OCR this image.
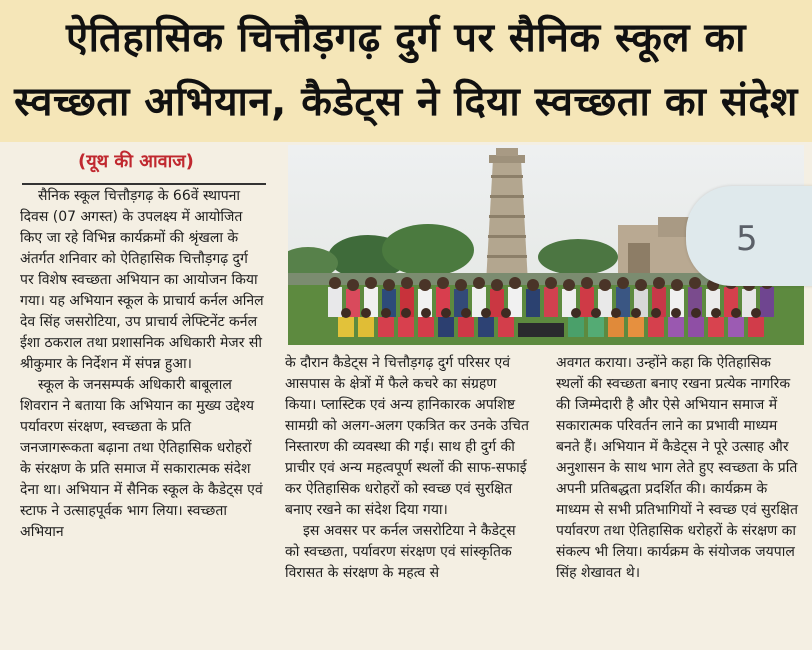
ऐतिहासिक चित्तौड़गढ़ दुर्ग पर सैनिक स्कूल का
स्वच्छता अभियान, कैडेट्स ने दिया स्वच्छता का संदेश
(यूथ की आवाज)

सैनिक स्कूल चित्तौड़गढ़ के 66वें स्थापना दिवस (07 अगस्त) के उपलक्ष्य में आयोजित किए जा रहे विभिन्न कार्यक्रमों की श्रृंखला के अंतर्गत शनिवार को ऐतिहासिक चित्तौड़गढ़ दुर्ग पर विशेष स्वच्छता अभियान का आयोजन किया गया। यह अभियान स्कूल के प्राचार्य कर्नल अनिल देव सिंह जसरोटिया, उप प्राचार्य लेफ्टिनेंट कर्नल ईशा ठकराल तथा प्रशासनिक अधिकारी मेजर सी श्रीकुमार के निर्देशन में संपन्न हुआ।

स्कूल के जनसम्पर्क अधिकारी बाबूलाल शिवरान ने बताया कि अभियान का मुख्य उद्देश्य पर्यावरण संरक्षण, स्वच्छता के प्रति जनजागरूकता बढ़ाना तथा ऐतिहासिक धरोहरों के संरक्षण के प्रति समाज में सकारात्मक संदेश देना था। अभियान में सैनिक स्कूल के कैडेट्स एवं स्टाफ ने उत्साहपूर्वक भाग लिया। स्वच्छता अभियान

5

के दौरान कैडेट्स ने चित्तौड़गढ़ दुर्ग परिसर एवं आसपास के क्षेत्रों में फैले कचरे का संग्रहण किया। प्लास्टिक एवं अन्य हानिकारक अपशिष्ट सामग्री को अलग-अलग एकत्रित कर उनके उचित निस्तारण की व्यवस्था की गई। साथ ही दुर्ग की प्राचीर एवं अन्य महत्वपूर्ण स्थलों की साफ-सफाई कर ऐतिहासिक धरोहरों को स्वच्छ एवं सुरक्षित बनाए रखने का संदेश दिया गया।

इस अवसर पर कर्नल जसरोटिया ने कैडेट्स को स्वच्छता, पर्यावरण संरक्षण एवं सांस्कृतिक विरासत के संरक्षण के महत्व से

अवगत कराया। उन्होंने कहा कि ऐतिहासिक स्थलों की स्वच्छता बनाए रखना प्रत्येक नागरिक की जिम्मेदारी है और ऐसे अभियान समाज में सकारात्मक परिवर्तन लाने का प्रभावी माध्यम बनते हैं। अभियान में कैडेट्स ने पूरे उत्साह और अनुशासन के साथ भाग लेते हुए स्वच्छता के प्रति अपनी प्रतिबद्धता प्रदर्शित की। कार्यक्रम के माध्यम से सभी प्रतिभागियों ने स्वच्छ एवं सुरक्षित पर्यावरण तथा ऐतिहासिक धरोहरों के संरक्षण का संकल्प भी लिया। कार्यक्रम के संयोजक जयपाल सिंह शेखावत थे।
